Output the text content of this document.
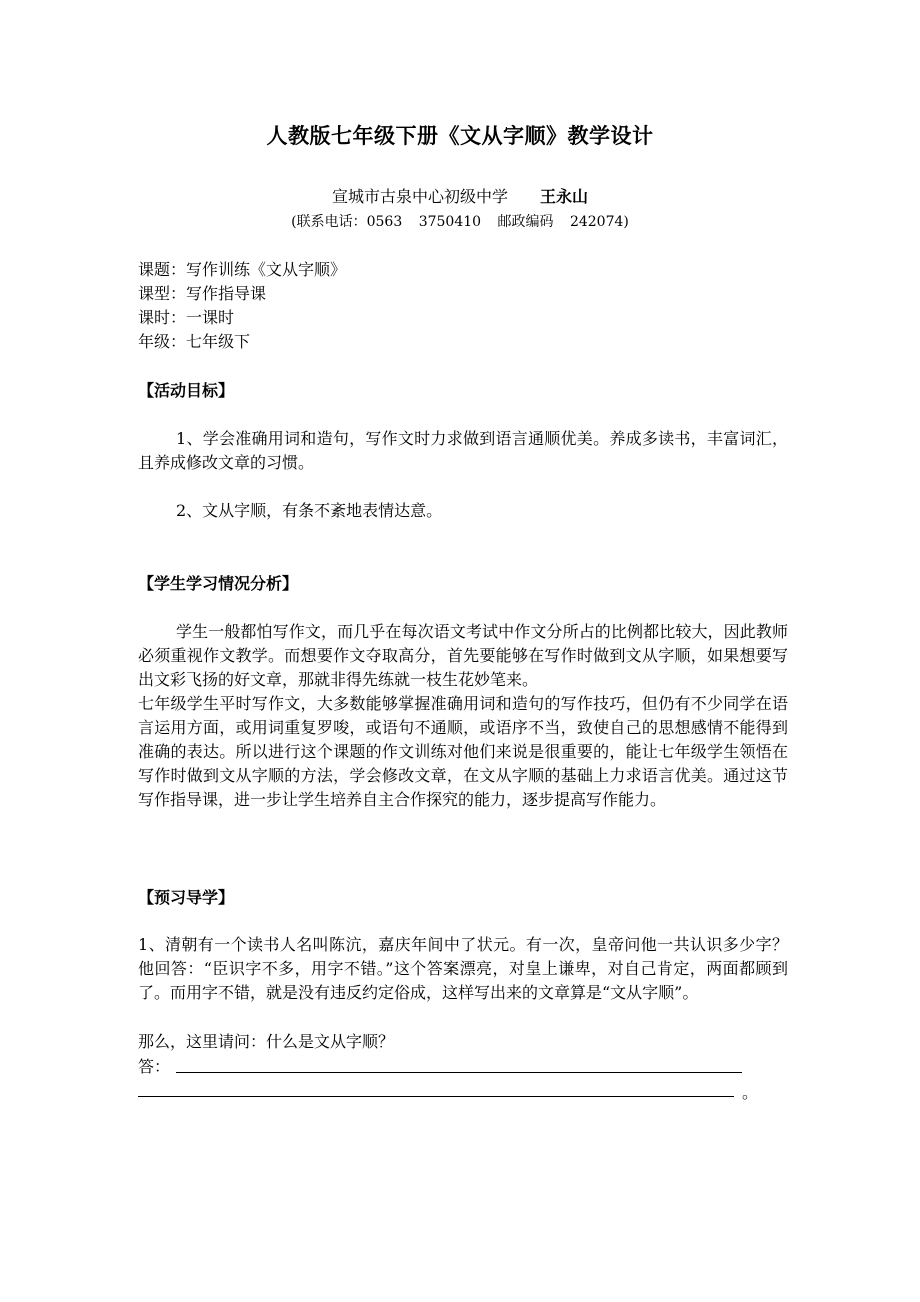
人教版七年级下册《文从字顺》教学设计
宣城市古泉中心初级中学 王永山
(联系电话：0563 3750410 邮政编码 242074)
课题：写作训练《文从字顺》
课型：写作指导课
课时：一课时
年级：七年级下
【活动目标】
1、学会准确用词和造句，写作文时力求做到语言通顺优美。养成多读书，丰富词汇，且养成修改文章的习惯。
2、文从字顺，有条不紊地表情达意。
【学生学习情况分析】
学生一般都怕写作文，而几乎在每次语文考试中作文分所占的比例都比较大，因此教师必须重视作文教学。而想要作文夺取高分，首先要能够在写作时做到文从字顺，如果想要写出文彩飞扬的好文章，那就非得先练就一枝生花妙笔来。
七年级学生平时写作文，大多数能够掌握准确用词和造句的写作技巧，但仍有不少同学在语言运用方面，或用词重复罗唆，或语句不通顺，或语序不当，致使自己的思想感情不能得到准确的表达。所以进行这个课题的作文训练对他们来说是很重要的，能让七年级学生领悟在写作时做到文从字顺的方法，学会修改文章，在文从字顺的基础上力求语言优美。通过这节写作指导课，进一步让学生培养自主合作探究的能力，逐步提高写作能力。
【预习导学】
1、清朝有一个读书人名叫陈沆，嘉庆年间中了状元。有一次，皇帝问他一共认识多少字？他回答：“臣识字不多，用字不错。”这个答案漂亮，对皇上谦卑，对自己肯定，两面都顾到了。而用字不错，就是没有违反约定俗成，这样写出来的文章算是“文从字顺”。
那么，这里请问：什么是文从字顺？
答：
。
